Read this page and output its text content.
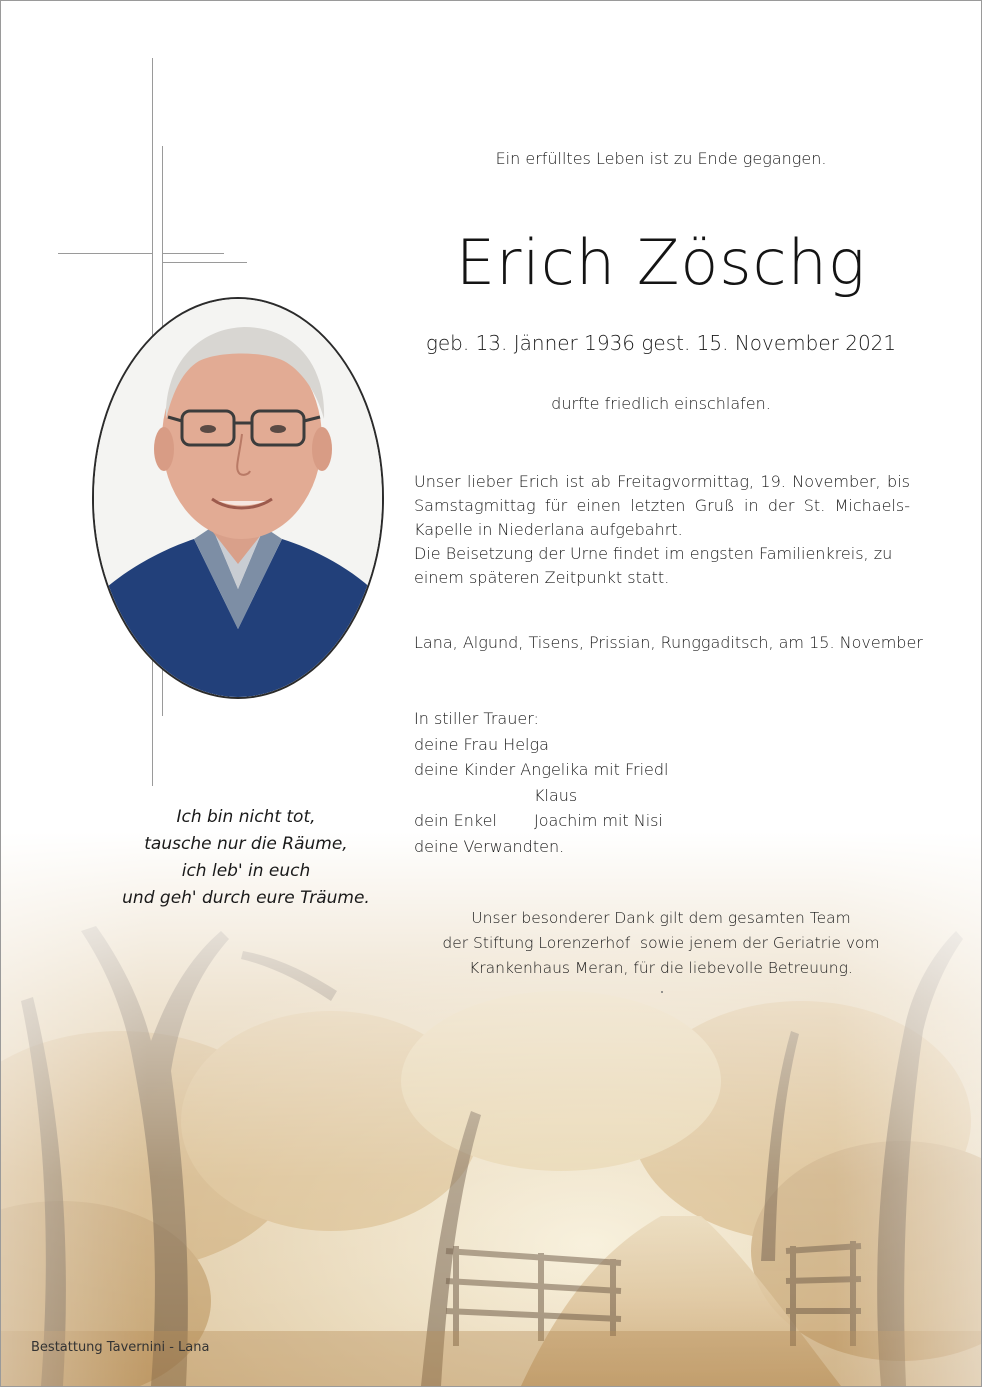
Ein erfülltes Leben ist zu Ende gegangen.
Erich Zöschg
geb. 13. Jänner 1936 gest. 15. November 2021
durfte friedlich einschlafen.

Unser lieber Erich ist ab Freitagvormittag, 19. November, bis Samstagmittag für einen letzten Gruß in der St. Michaels- Kapelle in Niederlana aufgebahrt.

Die Beisetzung der Urne findet im engsten Familienkreis, zu einem späteren Zeitpunkt statt.

Lana, Algund, Tisens, Prissian, Runggaditsch, am 15. November
In stiller Trauer:
deine Frau Helga
deine Kinder Angelika mit Friedl
Klaus
dein Enkel Joachim mit Nisi
deine Verwandten.
Ich bin nicht tot,
tausche nur die Räume,
ich leb' in euch
und geh' durch eure Träume.
Unser besonderer Dank gilt dem gesamten Team
der Stiftung Lorenzerhof  sowie jenem der Geriatrie vom
Krankenhaus Meran, für die liebevolle Betreuung.
Bestattung Tavernini - Lana
